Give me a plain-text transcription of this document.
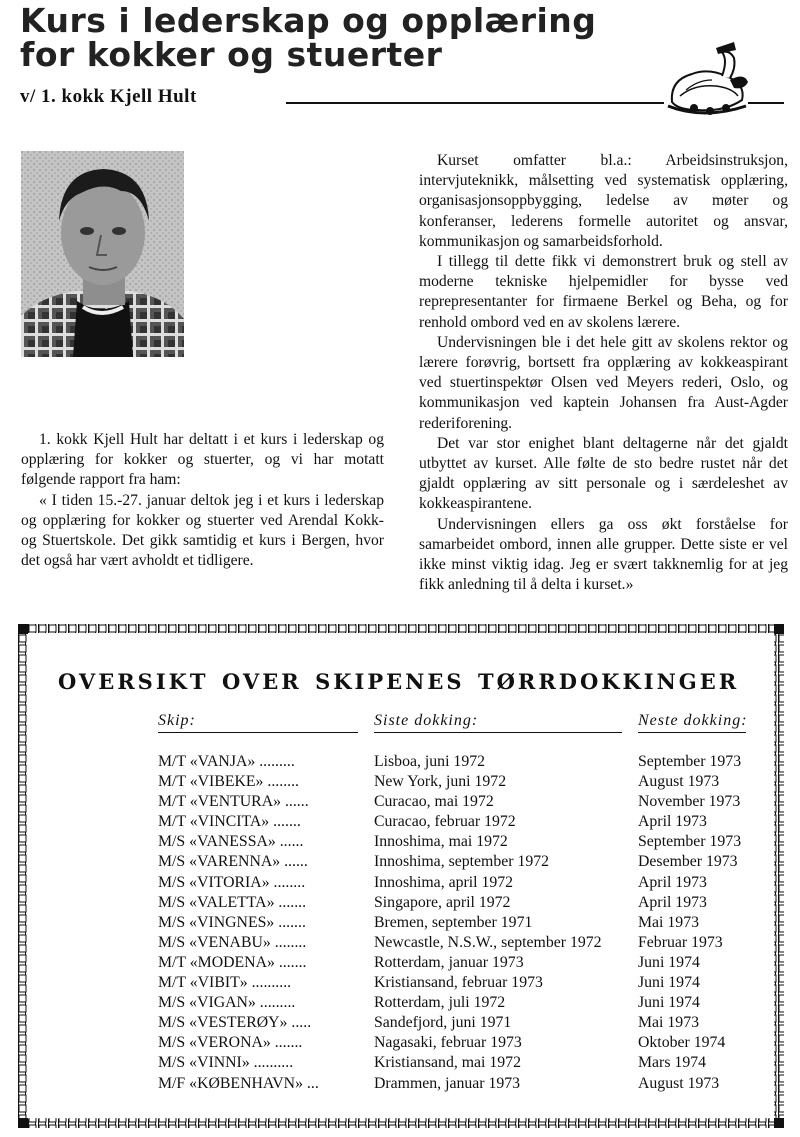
Kurs i lederskap og opplæring
for kokker og stuerter
v/ 1. kokk Kjell Hult

1. kokk Kjell Hult har deltatt i et kurs i lederskap og opplæring for kokker og stuerter, og vi har motatt følgende rapport fra ham:

« I tiden 15.-27. januar deltok jeg i et kurs i lederskap og opplæring for kokker og stuerter ved Arendal Kokk- og Stuertskole. Det gikk samtidig et kurs i Bergen, hvor det også har vært avholdt et tidligere.

Kurset omfatter bl.a.: Arbeidsinstruksjon, intervjuteknikk, målsetting ved systematisk opplæring, organisasjonsoppbygging, ledelse av møter og konferanser, lederens formelle autoritet og ansvar, kommunikasjon og samarbeidsforhold.

I tillegg til dette fikk vi demonstrert bruk og stell av moderne tekniske hjelpemidler for bysse ved reprepresentanter for firmaene Berkel og Beha, og for renhold ombord ved en av skolens lærere.

Undervisningen ble i det hele gitt av skolens rektor og lærere forøvrig, bortsett fra opplæring av kokkeaspirant ved stuertinspektør Olsen ved Meyers rederi, Oslo, og kommunikasjon ved kaptein Johansen fra Aust-Agder rederiforening.

Det var stor enighet blant deltagerne når det gjaldt utbyttet av kurset. Alle følte de sto bedre rustet når det gjaldt opplæring av sitt personale og i særdeleshet av kokkeaspirantene.

Undervisningen ellers ga oss økt forståelse for samarbeidet ombord, innen alle grupper. Dette siste er vel ikke minst viktig idag. Jeg er svært takknemlig for at jeg fikk anledning til å delta i kurset.»

oversikt over skipenes tørrdokkinger
Skip:	Siste dokking:	Neste dokking:
M/T «VANJA» .........	Lisboa, juni 1972	September 1973
M/T «VIBEKE» ........	New York, juni 1972	August 1973
M/T «VENTURA» ......	Curacao, mai 1972	November 1973
M/T «VINCITA» .......	Curacao, februar 1972	April 1973
M/S «VANESSA» ......	Innoshima, mai 1972	September 1973
M/S «VARENNA» ......	Innoshima, september 1972	Desember 1973
M/S «VITORIA» ........	Innoshima, april 1972	April 1973
M/S «VALETTA» .......	Singapore, april 1972	April 1973
M/S «VINGNES» .......	Bremen, september 1971	Mai 1973
M/S «VENABU» ........	Newcastle, N.S.W., september 1972 Februar 1973
M/T «MODENA» .......	Rotterdam, januar 1973	Juni 1974
M/T «VIBIT» ..........	Kristiansand, februar 1973	Juni 1974
M/S «VIGAN» .........	Rotterdam, juli 1972	Juni 1974
M/S «VESTERØY» .....	Sandefjord, juni 1971	Mai 1973
M/S «VERONA» .......	Nagasaki, februar 1973	Oktober 1974
M/S «VINNI» ..........	Kristiansand, mai 1972	Mars 1974
M/F «KØBENHAVN» ...	Drammen, januar 1973	August 1973
